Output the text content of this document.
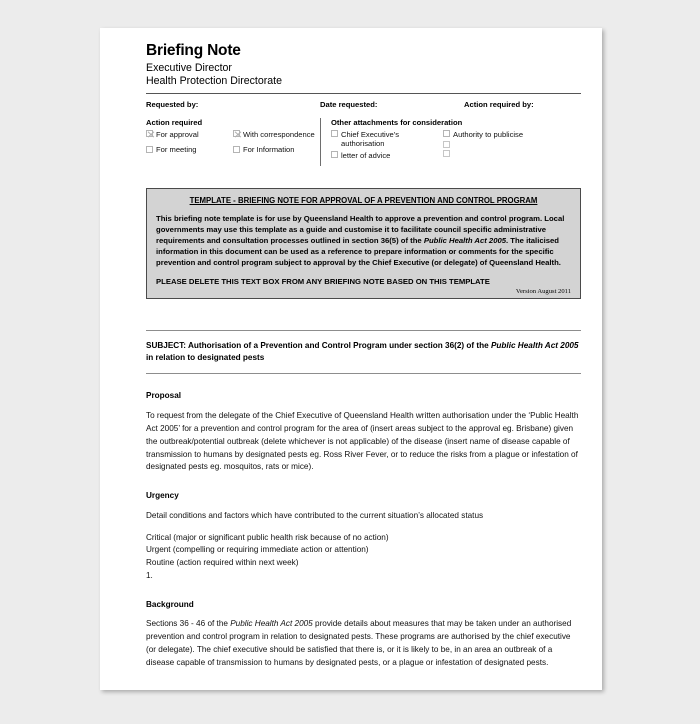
Briefing Note
Executive Director
Health Protection Directorate
Requested by:	Date requested:	Action required by:
Action required
For approval
For meeting
With correspondence
For Information
Other attachments for consideration
Chief Executive's authorisation
letter of advice
Authority to publicise
TEMPLATE - BRIEFING NOTE FOR APPROVAL OF A PREVENTION AND CONTROL PROGRAM
This briefing note template is for use by Queensland Health to approve a prevention and control program. Local governments may use this template as a guide and customise it to facilitate council specific administrative requirements and consultation processes outlined in section 36(5) of the Public Health Act 2005. The italicised information in this document can be used as a reference to prepare information or comments for the specific prevention and control program subject to approval by the Chief Executive (or delegate) of Queensland Health.
PLEASE DELETE THIS TEXT BOX FROM ANY BRIEFING NOTE BASED ON THIS TEMPLATE
Version August 2011
SUBJECT: Authorisation of a Prevention and Control Program under section 36(2) of the Public Health Act 2005 in relation to designated pests
Proposal

To request from the delegate of the Chief Executive of Queensland Health written authorisation under the ‘Public Health Act 2005’ for a prevention and control program for the area of (insert areas subject to the approval eg. Brisbane) given the outbreak/potential outbreak (delete whichever is not applicable) of the disease (insert name of disease capable of transmission to humans by designated pests eg. Ross River Fever, or to reduce the risks from a plague or infestation of designated pests eg. mosquitos, rats or mice).

Urgency

Detail conditions and factors which have contributed to the current situation’s allocated status

Critical (major or significant public health risk because of no action)

Urgent (compelling or requiring immediate action or attention)

Routine (action required within next week)

1.

Background

Sections 36 - 46 of the Public Health Act 2005 provide details about measures that may be taken under an authorised prevention and control program in relation to designated pests. These programs are authorised by the chief executive (or delegate). The chief executive should be satisfied that there is, or it is likely to be, in an area an outbreak of a disease capable of transmission to humans by designated pests, or a plague or infestation of designated pests.
